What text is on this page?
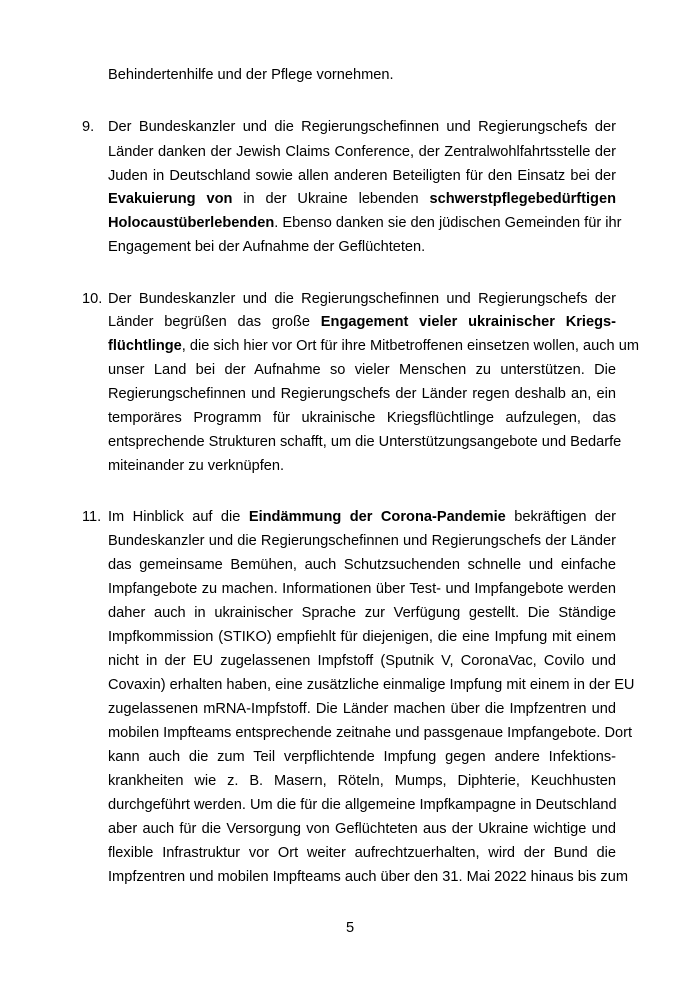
Behindertenhilfe und der Pflege vornehmen.
9. Der Bundeskanzler und die Regierungschefinnen und Regierungschefs der
Länder danken der Jewish Claims Conference, der Zentralwohlfahrtsstelle der
Juden in Deutschland sowie allen anderen Beteiligten für den Einsatz bei der
Evakuierung von in der Ukraine lebenden schwerstpflegebedürftigen
Holocaustüberlebenden. Ebenso danken sie den jüdischen Gemeinden für ihr
Engagement bei der Aufnahme der Geflüchteten.
10. Der Bundeskanzler und die Regierungschefinnen und Regierungschefs der
Länder begrüßen das große Engagement vieler ukrainischer Kriegs-
flüchtlinge, die sich hier vor Ort für ihre Mitbetroffenen einsetzen wollen, auch um
unser Land bei der Aufnahme so vieler Menschen zu unterstützen. Die
Regierungschefinnen und Regierungschefs der Länder regen deshalb an, ein
temporäres Programm für ukrainische Kriegsflüchtlinge aufzulegen, das
entsprechende Strukturen schafft, um die Unterstützungsangebote und Bedarfe
miteinander zu verknüpfen.
11. Im Hinblick auf die Eindämmung der Corona-Pandemie bekräftigen der
Bundeskanzler und die Regierungschefinnen und Regierungschefs der Länder
das gemeinsame Bemühen, auch Schutzsuchenden schnelle und einfache
Impfangebote zu machen. Informationen über Test- und Impfangebote werden
daher auch in ukrainischer Sprache zur Verfügung gestellt. Die Ständige
Impfkommission (STIKO) empfiehlt für diejenigen, die eine Impfung mit einem
nicht in der EU zugelassenen Impfstoff (Sputnik V, CoronaVac, Covilo und
Covaxin) erhalten haben, eine zusätzliche einmalige Impfung mit einem in der EU
zugelassenen mRNA-Impfstoff. Die Länder machen über die Impfzentren und
mobilen Impfteams entsprechende zeitnahe und passgenaue Impfangebote. Dort
kann auch die zum Teil verpflichtende Impfung gegen andere Infektions-
krankheiten wie z. B. Masern, Röteln, Mumps, Diphterie, Keuchhusten
durchgeführt werden. Um die für die allgemeine Impfkampagne in Deutschland
aber auch für die Versorgung von Geflüchteten aus der Ukraine wichtige und
flexible Infrastruktur vor Ort weiter aufrechtzuerhalten, wird der Bund die
Impfzentren und mobilen Impfteams auch über den 31. Mai 2022 hinaus bis zum
5
